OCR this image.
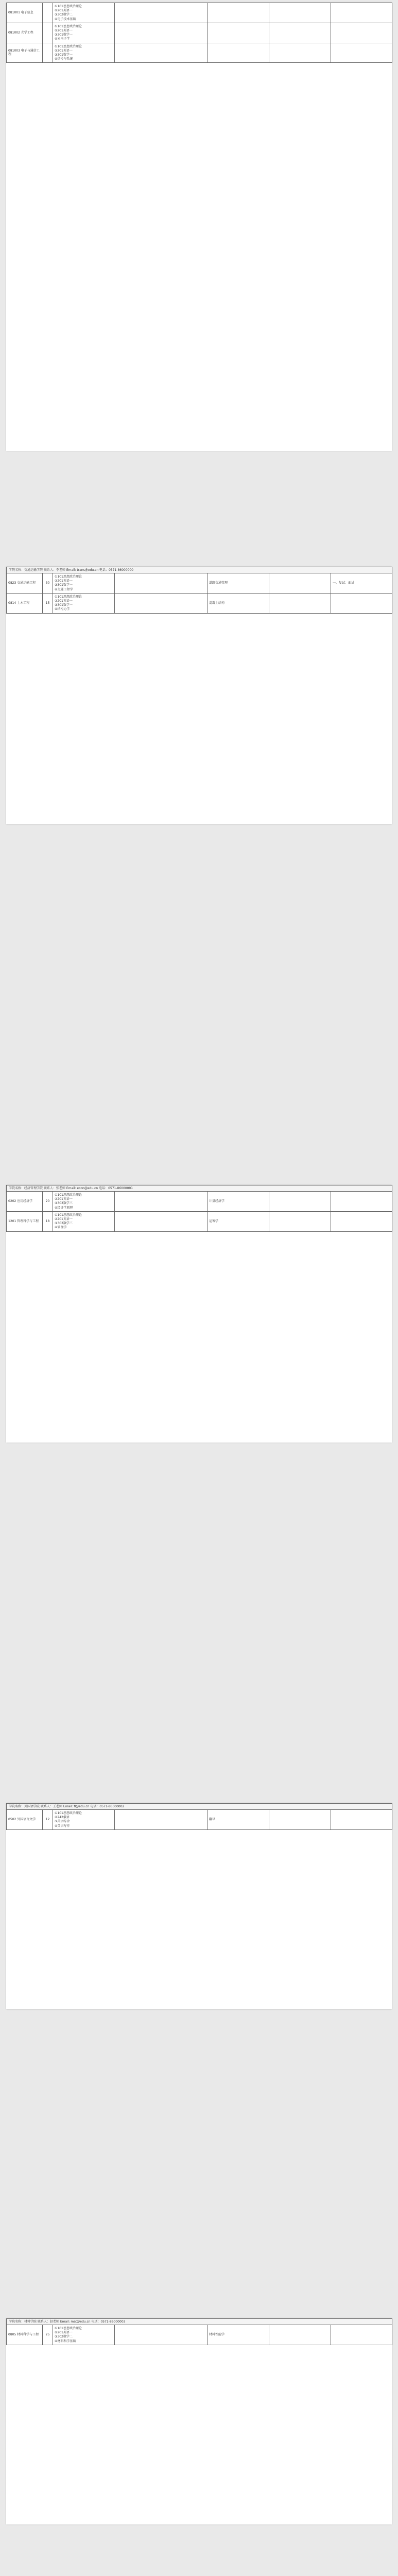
081001 电子信息		①101思想政治理论
②201英语一
③302数学二
④电子技术基础				

081002 光学工程		①101思想政治理论
②201英语一
③301数学一
④光电子学				

081003 电子与通信工程		①101思想政治理论
②201英语一
③301数学一
④信号与系统				

学院名称：交通运输学院 联系人：李老师 Email: trans@edu.cn 电话：0571-86000000						
0823 交通运输工程	30	①101思想政治理论
②201英语一
③301数学一
④交通工程学		道路交通管理		一、复试：面试
0814 土木工程	15	①101思想政治理论
②201英语一
③301数学一
④结构力学		混凝土结构		
学院名称：经济管理学院 联系人：张老师 Email: econ@edu.cn 电话：0571-86000001						
0202 应用经济学	20	①101思想政治理论
②201英语一
③303数学三
④经济学原理		计量经济学		
1201 管理科学与工程	18	①101思想政治理论
②201英语一
③303数学三
④管理学		运筹学		
学院名称：外国语学院 联系人：王老师 Email: fl@edu.cn 电话：0571-86000002
0502 外国语言文学	12	
①101思想政治理论
②242俄语
③英语综合
④英语写作
		翻译		
学院名称：材料学院 联系人：赵老师 Email: mat@edu.cn 电话：0571-86000003
0805 材料科学与工程	25	
①101思想政治理论
②201英语一
③302数学二
④材料科学基础
		材料性能学		
